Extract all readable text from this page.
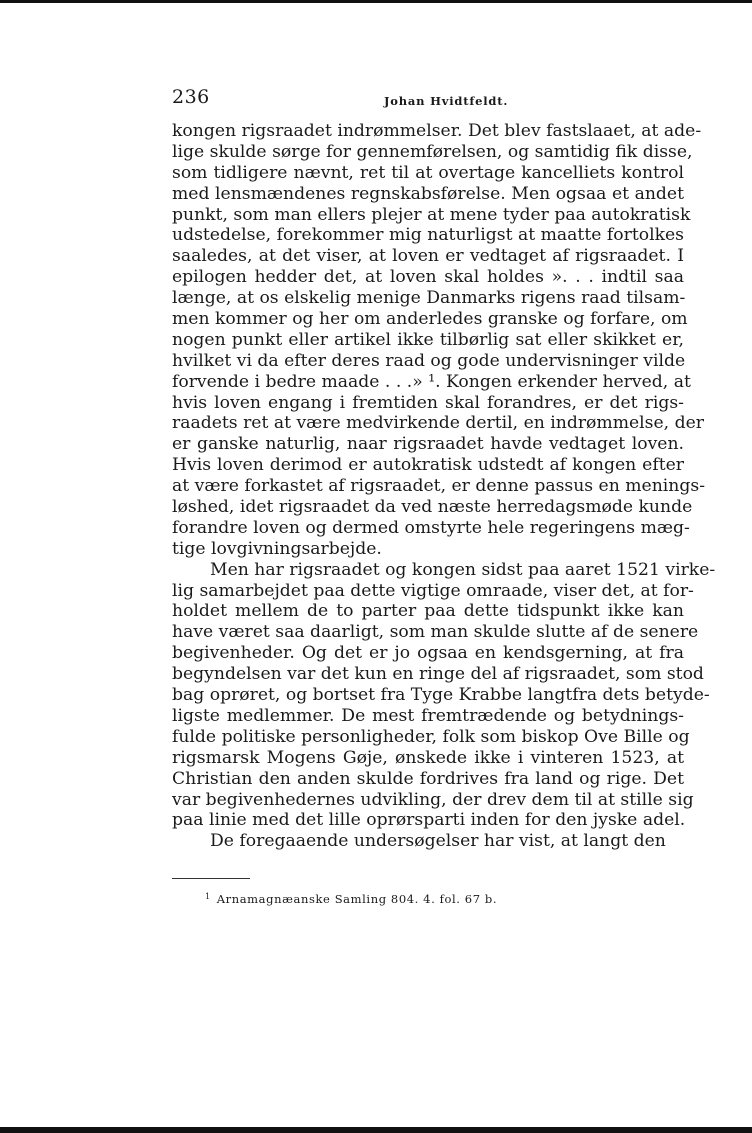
236	Johan Hvidtfeldt.
kongen rigsraadet indrømmelser. Det blev fastslaaet, at ade-
lige skulde sørge for gennemførelsen, og samtidig fik disse,
som tidligere nævnt, ret til at overtage kancelliets kontrol
med lensmændenes regnskabsførelse. Men ogsaa et andet
punkt, som man ellers plejer at mene tyder paa autokratisk
udstedelse, forekommer mig naturligst at maatte fortolkes
saaledes, at det viser, at loven er vedtaget af rigsraadet. I
epilogen hedder det, at loven skal holdes ». . . indtil saa
længe, at os elskelig menige Danmarks rigens raad tilsam-
men kommer og her om anderledes granske og forfare, om
nogen punkt eller artikel ikke tilbørlig sat eller skikket er,
hvilket vi da efter deres raad og gode undervisninger vilde
forvende i bedre maade . . .» ¹. Kongen erkender herved, at
hvis loven engang i fremtiden skal forandres, er det rigs-
raadets ret at være medvirkende dertil, en indrømmelse, der
er ganske naturlig, naar rigsraadet havde vedtaget loven.
Hvis loven derimod er autokratisk udstedt af kongen efter
at være forkastet af rigsraadet, er denne passus en menings-
løshed, idet rigsraadet da ved næste herredagsmøde kunde
forandre loven og dermed omstyrte hele regeringens mæg-
tige lovgivningsarbejde.
Men har rigsraadet og kongen sidst paa aaret 1521 virke-
lig samarbejdet paa dette vigtige omraade, viser det, at for-
holdet mellem de to parter paa dette tidspunkt ikke kan
have været saa daarligt, som man skulde slutte af de senere
begivenheder. Og det er jo ogsaa en kendsgerning, at fra
begyndelsen var det kun en ringe del af rigsraadet, som stod
bag oprøret, og bortset fra Tyge Krabbe langtfra dets betyde-
ligste medlemmer. De mest fremtrædende og betydnings-
fulde politiske personligheder, folk som biskop Ove Bille og
rigsmarsk Mogens Gøje, ønskede ikke i vinteren 1523, at
Christian den anden skulde fordrives fra land og rige. Det
var begivenhedernes udvikling, der drev dem til at stille sig
paa linie med det lille oprørsparti inden for den jyske adel.
De foregaaende undersøgelser har vist, at langt den
$^1$ Arnamagnæanske Samling 804. 4. fol. 67 b.
